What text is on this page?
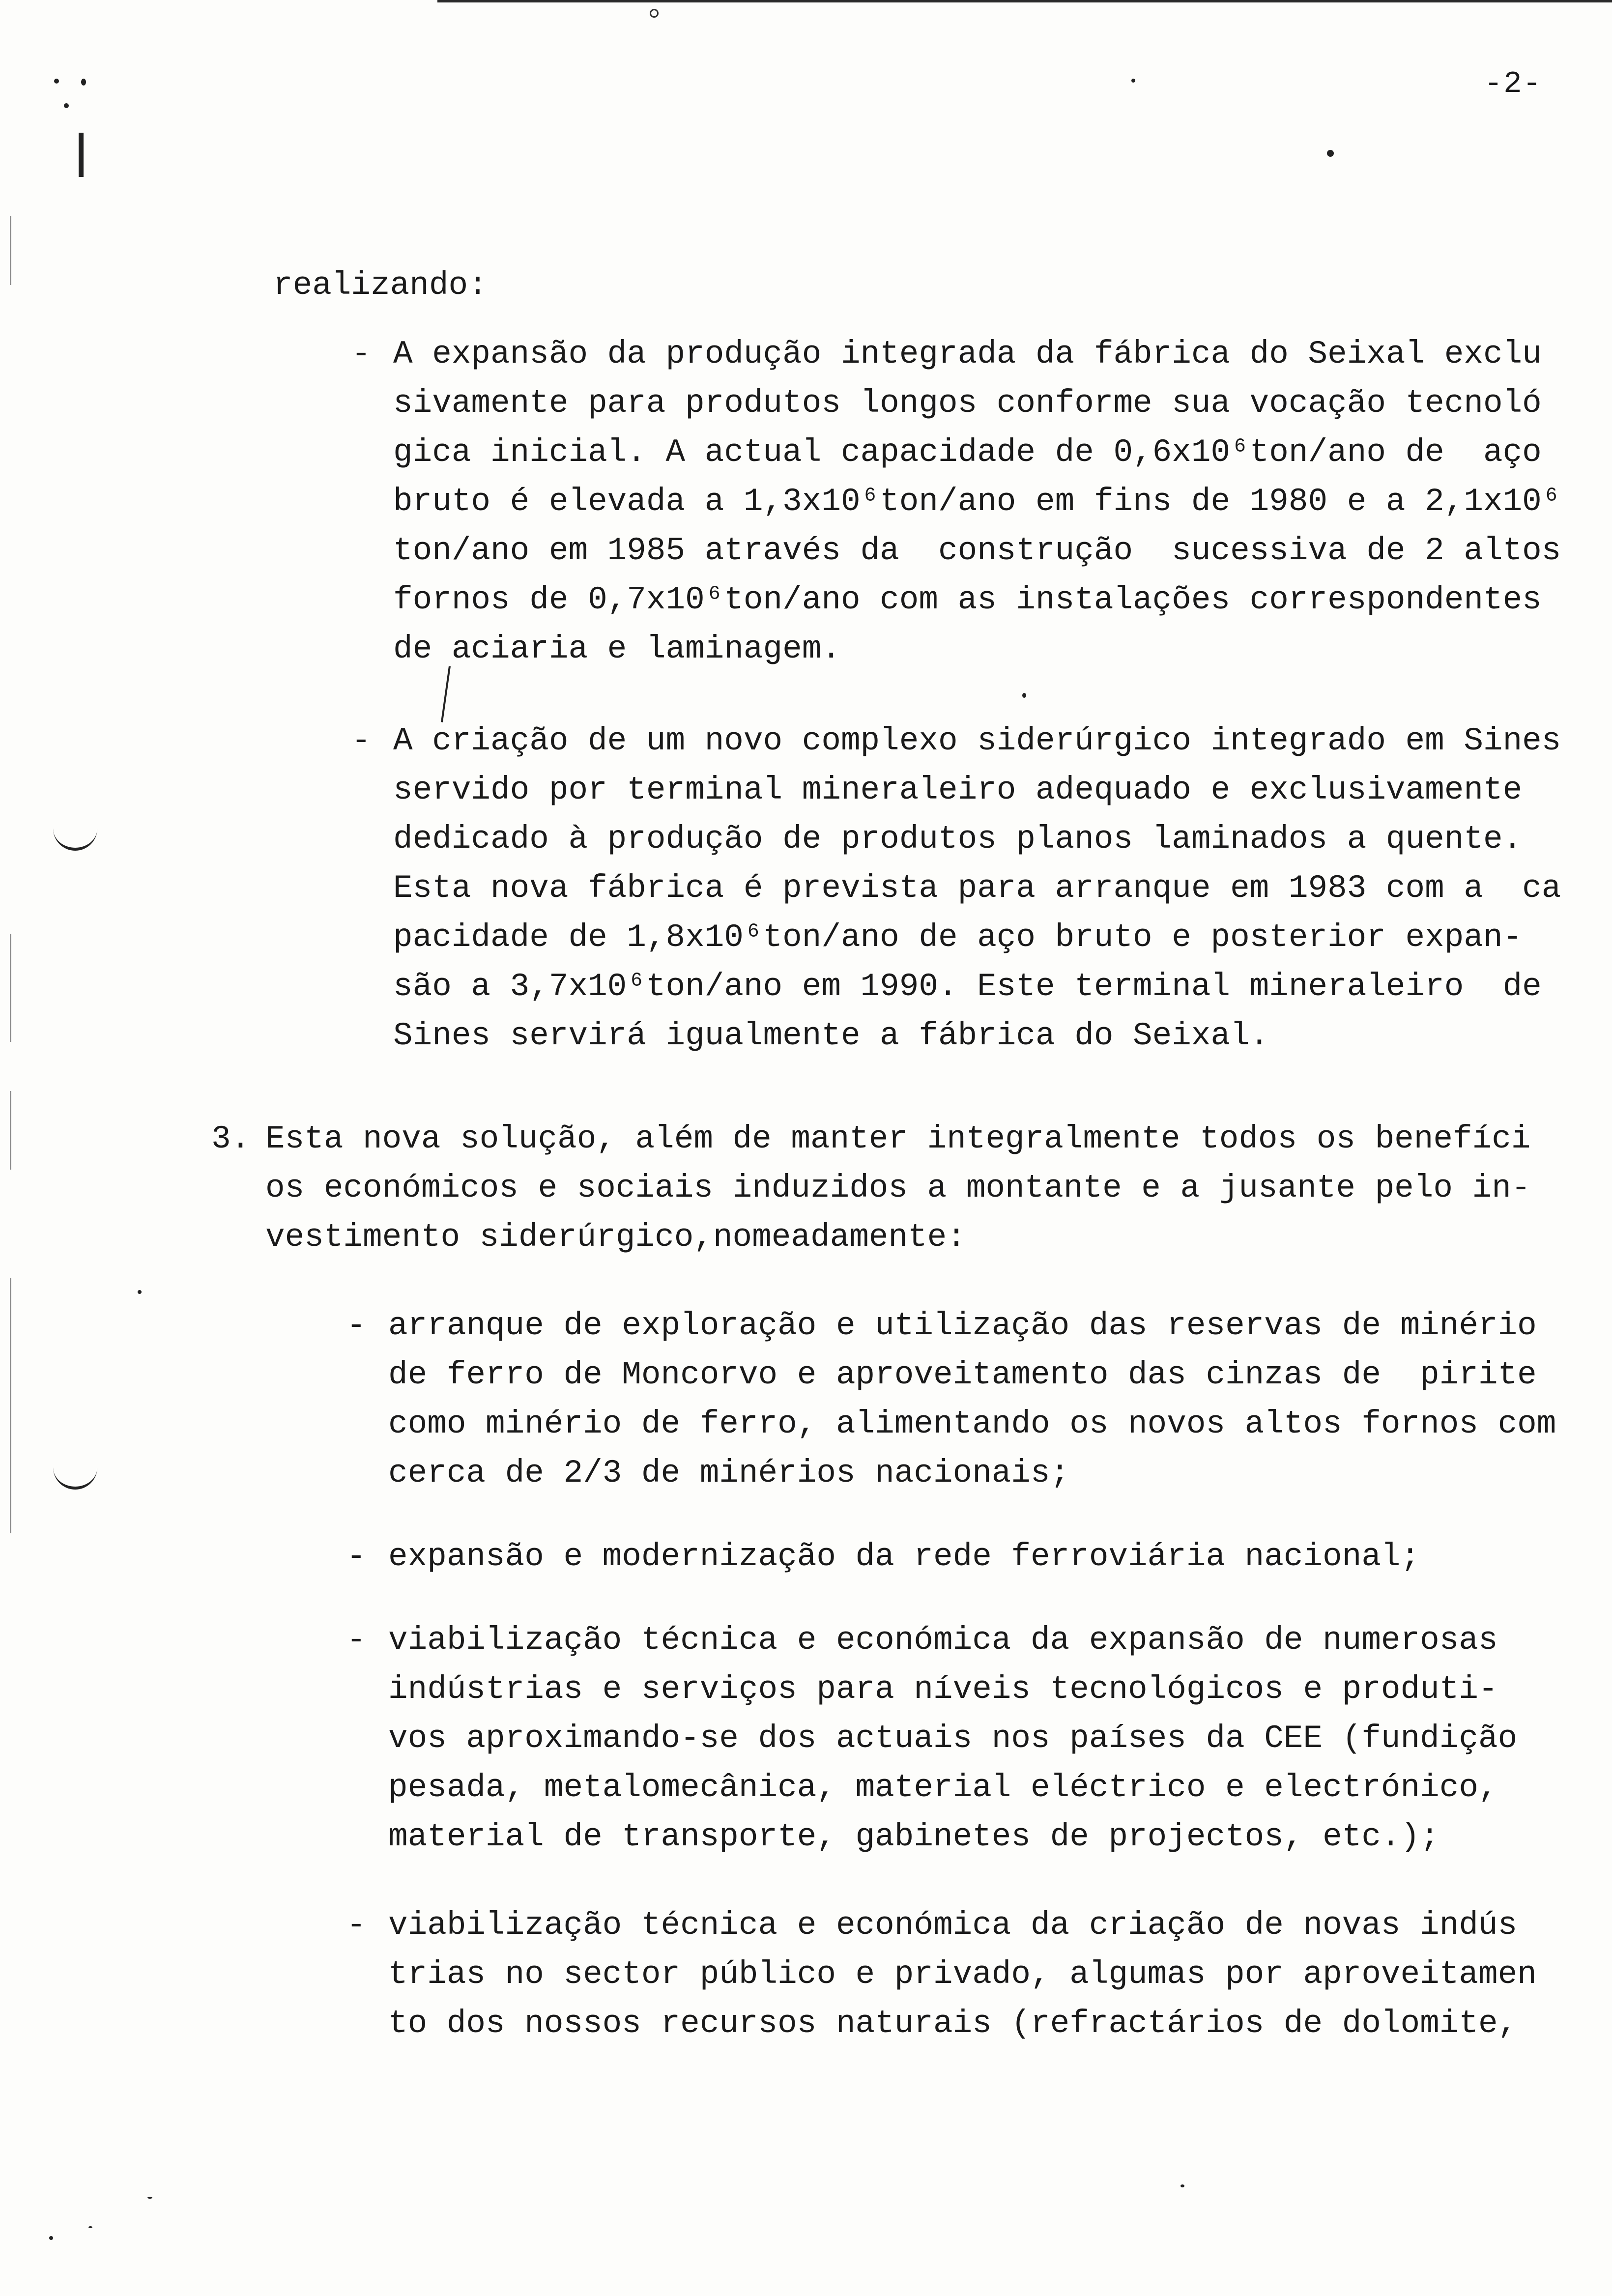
-2-
realizando:
- A expansão da produção integrada da fábrica do Seixal exclu
sivamente para produtos longos conforme sua vocação tecnoló
gica inicial. A actual capacidade de 0,6x10⁶ton/ano de  aço
bruto é elevada a 1,3x10⁶ton/ano em fins de 1980 e a 2,1x10⁶
ton/ano em 1985 através da  construção  sucessiva de 2 altos
fornos de 0,7x10⁶ton/ano com as instalações correspondentes
de aciaria e laminagem.
- A criação de um novo complexo siderúrgico integrado em Sines
servido por terminal mineraleiro adequado e exclusivamente
dedicado à produção de produtos planos laminados a quente.
Esta nova fábrica é prevista para arranque em 1983 com a  ca
pacidade de 1,8x10⁶ton/ano de aço bruto e posterior expan-
são a 3,7x10⁶ton/ano em 1990. Este terminal mineraleiro  de
Sines servirá igualmente a fábrica do Seixal.
3. Esta nova solução, além de manter integralmente todos os benefíci
os económicos e sociais induzidos a montante e a jusante pelo in-
vestimento siderúrgico,nomeadamente:
- arranque de exploração e utilização das reservas de minério
de ferro de Moncorvo e aproveitamento das cinzas de  pirite
como minério de ferro, alimentando os novos altos fornos com
cerca de 2/3 de minérios nacionais;
- expansão e modernização da rede ferroviária nacional;
- viabilização técnica e económica da expansão de numerosas
indústrias e serviços para níveis tecnológicos e produti-
vos aproximando-se dos actuais nos países da CEE (fundição
pesada, metalomecânica, material eléctrico e electrónico,
material de transporte, gabinetes de projectos, etc.);
- viabilização técnica e económica da criação de novas indús
trias no sector público e privado, algumas por aproveitamen
to dos nossos recursos naturais (refractários de dolomite,
